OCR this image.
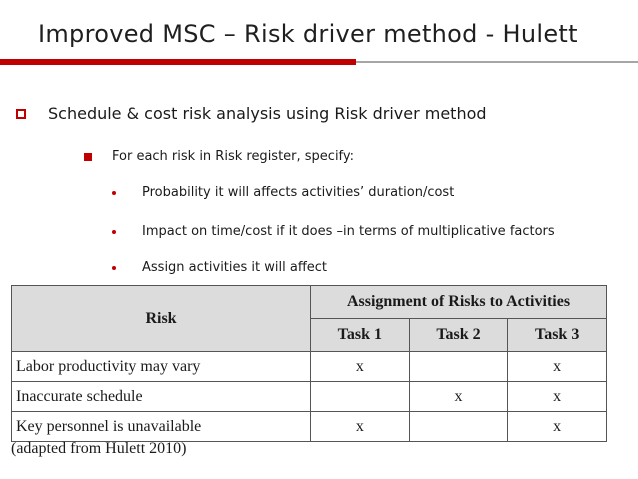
Improved MSC – Risk driver method - Hulett
Schedule & cost risk analysis using Risk driver method
For each risk in Risk register, specify:
Probability it will affects activities’ duration/cost
Impact on time/cost if it does –in terms of multiplicative factors
Assign activities it will affect
Risk	Assignment of Risks to Activities		
	Task 1	Task 2	Task 3
Labor productivity may vary	x		x
Inaccurate schedule		x	x
Key personnel is unavailable	x		x
(adapted from Hulett 2010)
